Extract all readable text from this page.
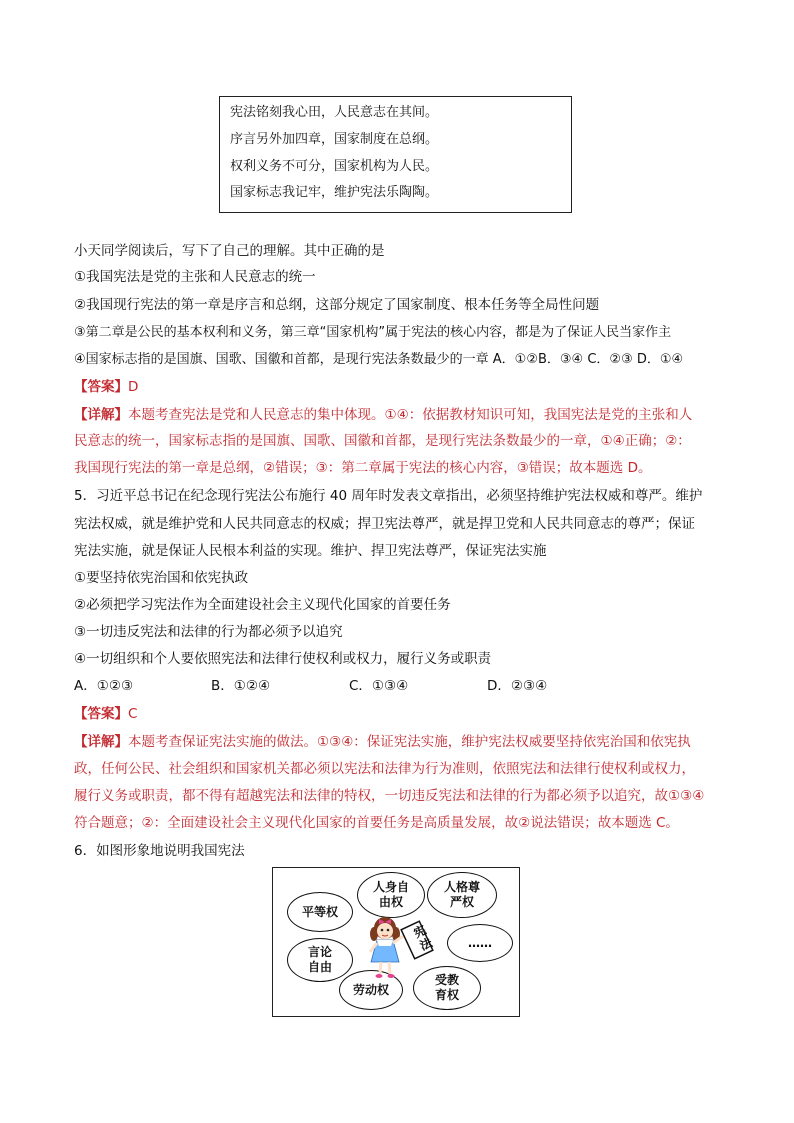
宪法铭刻我心田，人民意志在其间。
序言另外加四章，国家制度在总纲。
权利义务不可分，国家机构为人民。
国家标志我记牢，维护宪法乐陶陶。
小天同学阅读后，写下了自己的理解。其中正确的是
①我国宪法是党的主张和人民意志的统一
②我国现行宪法的第一章是序言和总纲，这部分规定了国家制度、根本任务等全局性问题
③第二章是公民的基本权利和义务，第三章“国家机构”属于宪法的核心内容，都是为了保证人民当家作主
④国家标志指的是国旗、国歌、国徽和首都，是现行宪法条数最少的一章 A．①②B．③④ C．②③ D．①④
【答案】D
【详解】本题考查宪法是党和人民意志的集中体现。①④：依据教材知识可知，我国宪法是党的主张和人
民意志的统一，国家标志指的是国旗、国歌、国徽和首都，是现行宪法条数最少的一章，①④正确；②：
我国现行宪法的第一章是总纲，②错误；③：第二章属于宪法的核心内容，③错误；故本题选 D。
5．习近平总书记在纪念现行宪法公布施行 40 周年时发表文章指出，必须坚持维护宪法权威和尊严。维护
宪法权威，就是维护党和人民共同意志的权威；捍卫宪法尊严，就是捍卫党和人民共同意志的尊严；保证
宪法实施，就是保证人民根本利益的实现。维护、捍卫宪法尊严，保证宪法实施
①要坚持依宪治国和依宪执政
②必须把学习宪法作为全面建设社会主义现代化国家的首要任务
③一切违反宪法和法律的行为都必须予以追究
④一切组织和个人要依照宪法和法律行使权利或权力，履行义务或职责
A．①②③	B．①②④	C．①③④	D．②③④
【答案】C
【详解】本题考查保证宪法实施的做法。①③④：保证宪法实施，维护宪法权威要坚持依宪治国和依宪执
政，任何公民、社会组织和国家机关都必须以宪法和法律为行为准则，依照宪法和法律行使权利或权力，
履行义务或职责，都不得有超越宪法和法律的特权，一切违反宪法和法律的行为都必须予以追究，故①③④
符合题意；②：全面建设社会主义现代化国家的首要任务是高质量发展，故②说法错误；故本题选 C。
6．如图形象地说明我国宪法
平等权
人身自
由权
人格尊
严权
言论
自由
……
劳动权
受教
育权
宪法
